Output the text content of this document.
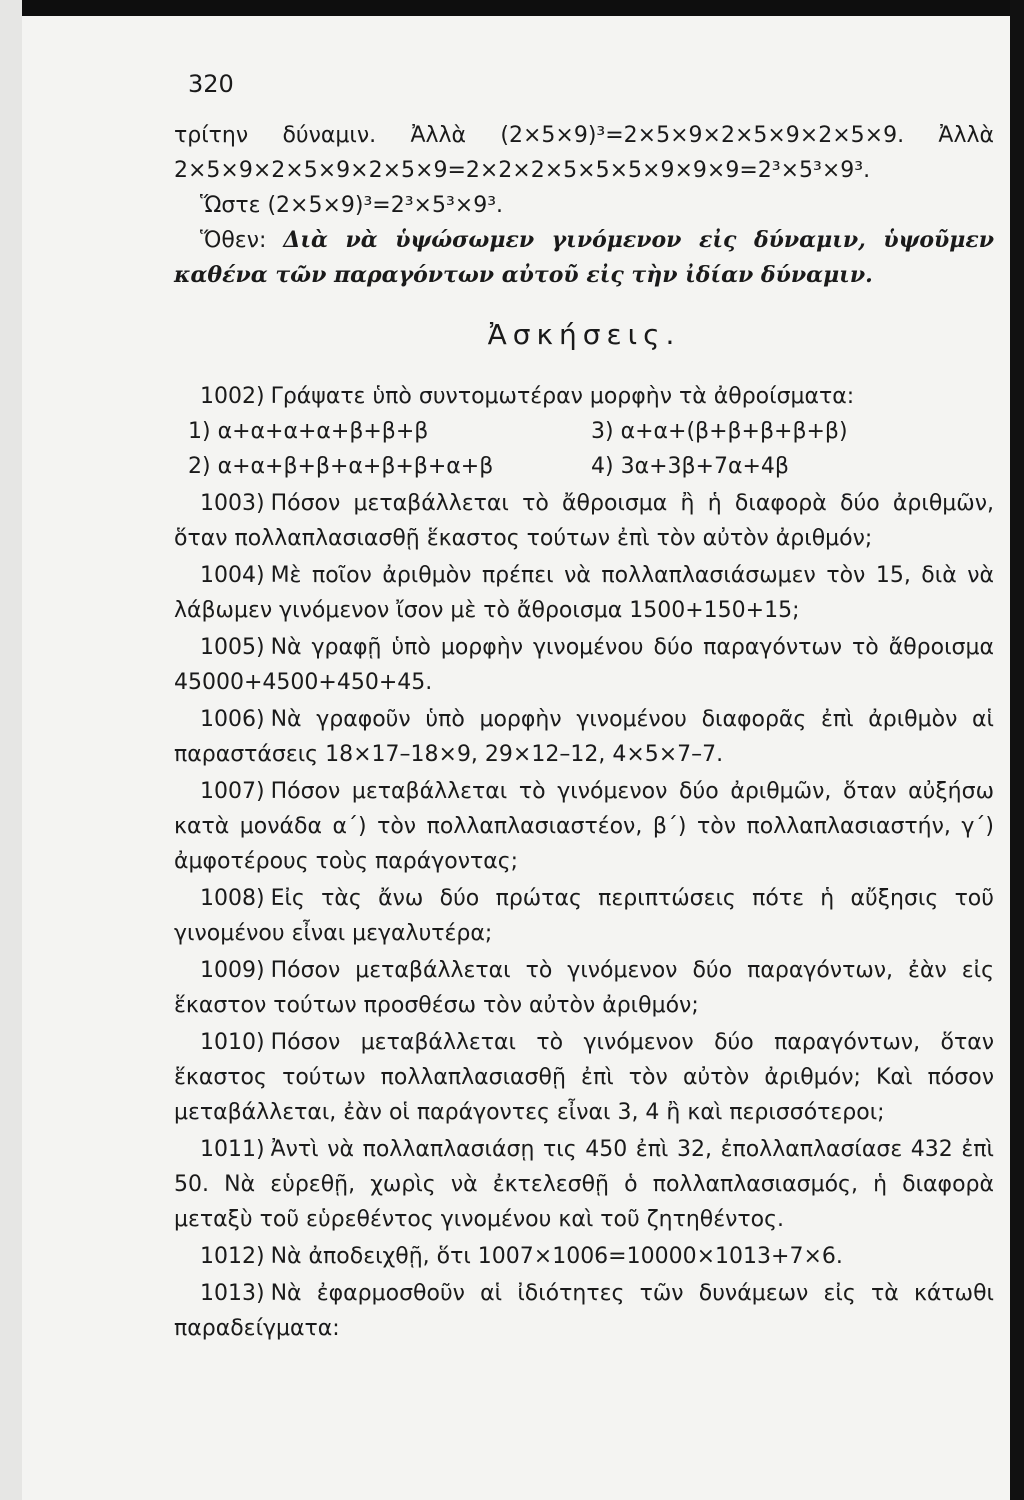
320

τρίτην δύναμιν. Ἀλλὰ (2×5×9)³=2×5×9×2×5×9×2×5×9. Ἀλλὰ

2×5×9×2×5×9×2×5×9=2×2×2×5×5×5×9×9×9=2³×5³×9³.

Ὥστε (2×5×9)³=2³×5³×9³.

Ὅθεν: Διὰ νὰ ὑψώσωμεν γινόμενον εἰς δύναμιν, ὑψοῦμεν καθένα τῶν παραγόντων αὐτοῦ εἰς τὴν ἰδίαν δύναμιν.

Ἀσκήσεις.

1002) Γράψατε ὑπὸ συντομωτέραν μορφὴν τὰ ἀθροίσματα:

1) α+α+α+α+β+β+β	3) α+α+(β+β+β+β+β)
2) α+α+β+β+α+β+β+α+β	4) 3α+3β+7α+4β

1003) Πόσον μεταβάλλεται τὸ ἄθροισμα ἢ ἡ διαφορὰ δύο ἀριθμῶν, ὅταν πολλαπλασιασθῇ ἕκαστος τούτων ἐπὶ τὸν αὐτὸν ἀριθμόν;

1004) Μὲ ποῖον ἀριθμὸν πρέπει νὰ πολλαπλασιάσωμεν τὸν 15, διὰ νὰ λάβωμεν γινόμενον ἴσον μὲ τὸ ἄθροισμα 1500+150+15;

1005) Νὰ γραφῇ ὑπὸ μορφὴν γινομένου δύο παραγόντων τὸ ἄθροισμα 45000+4500+450+45.

1006) Νὰ γραφοῦν ὑπὸ μορφὴν γινομένου διαφορᾶς ἐπὶ ἀριθμὸν αἱ παραστάσεις 18×17–18×9, 29×12–12, 4×5×7–7.

1007) Πόσον μεταβάλλεται τὸ γινόμενον δύο ἀριθμῶν, ὅταν αὐξήσω κατὰ μονάδα α΄) τὸν πολλαπλασιαστέον, β΄) τὸν πολλαπλασιαστήν, γ΄) ἀμφοτέρους τοὺς παράγοντας;

1008) Εἰς τὰς ἄνω δύο πρώτας περιπτώσεις πότε ἡ αὔξησις τοῦ γινομένου εἶναι μεγαλυτέρα;

1009) Πόσον μεταβάλλεται τὸ γινόμενον δύο παραγόντων, ἐὰν εἰς ἕκαστον τούτων προσθέσω τὸν αὐτὸν ἀριθμόν;

1010) Πόσον μεταβάλλεται τὸ γινόμενον δύο παραγόντων, ὅταν ἕκαστος τούτων πολλαπλασιασθῇ ἐπὶ τὸν αὐτὸν ἀριθμόν; Καὶ πόσον μεταβάλλεται, ἐὰν οἱ παράγοντες εἶναι 3, 4 ἢ καὶ περισσότεροι;

1011) Ἀντὶ νὰ πολλαπλασιάσῃ τις 450 ἐπὶ 32, ἐπολλαπλασίασε 432 ἐπὶ 50. Νὰ εὑρεθῇ, χωρὶς νὰ ἐκτελεσθῇ ὁ πολλαπλασιασμός, ἡ διαφορὰ μεταξὺ τοῦ εὑρεθέντος γινομένου καὶ τοῦ ζητηθέντος.

1012) Νὰ ἀποδειχθῇ, ὅτι 1007×1006=10000×1013+7×6.

1013) Νὰ ἐφαρμοσθοῦν αἱ ἰδιότητες τῶν δυνάμεων εἰς τὰ κάτωθι παραδείγματα:
